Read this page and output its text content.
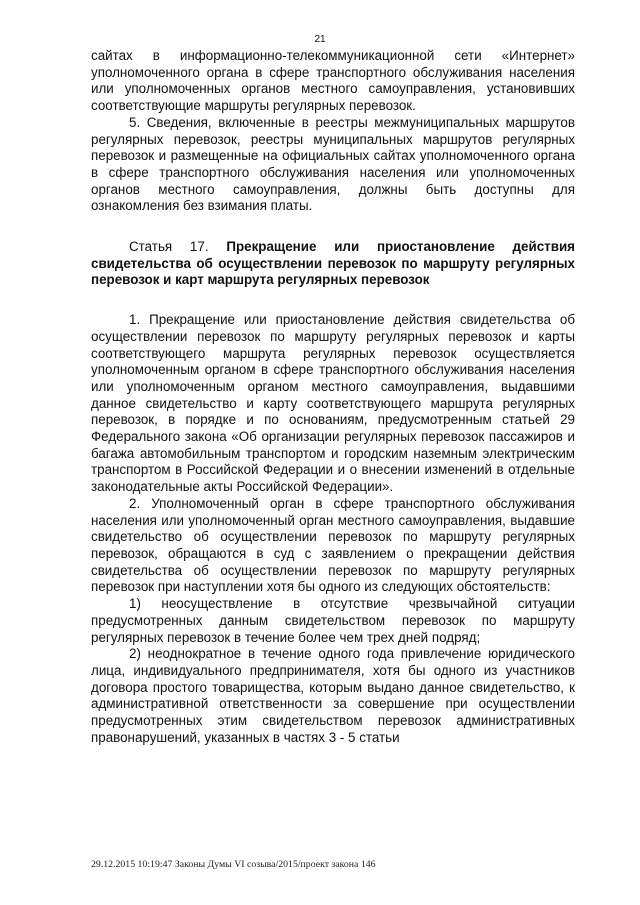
21

сайтах в информационно-телекоммуникационной сети «Интернет» уполномоченного органа в сфере транспортного обслуживания населения или уполномоченных органов местного самоуправления, установивших соответствующие маршруты регулярных перевозок.

5. Сведения, включенные в реестры межмуниципальных маршрутов регулярных перевозок, реестры муниципальных маршрутов регулярных перевозок и размещенные на официальных сайтах уполномоченного органа в сфере транспортного обслуживания населения или уполномоченных органов местного самоуправления, должны быть доступны для ознакомления без взимания платы.

Статья 17. Прекращение или приостановление действия свидетельства об осуществлении перевозок по маршруту регулярных перевозок и карт маршрута регулярных перевозок

1. Прекращение или приостановление действия свидетельства об осуществлении перевозок по маршруту регулярных перевозок и карты соответствующего маршрута регулярных перевозок осуществляется уполномоченным органом в сфере транспортного обслуживания населения или уполномоченным органом местного самоуправления, выдавшими данное свидетельство и карту соответствующего маршрута регулярных перевозок, в порядке и по основаниям, предусмотренным статьей 29 Федерального закона «Об организации регулярных перевозок пассажиров и багажа автомобильным транспортом и городским наземным электрическим транспортом в Российской Федерации и о внесении изменений в отдельные законодательные акты Российской Федерации».

2. Уполномоченный орган в сфере транспортного обслуживания населения или уполномоченный орган местного самоуправления, выдавшие свидетельство об осуществлении перевозок по маршруту регулярных перевозок, обращаются в суд с заявлением о прекращении действия свидетельства об осуществлении перевозок по маршруту регулярных перевозок при наступлении хотя бы одного из следующих обстоятельств:

1) неосуществление в отсутствие чрезвычайной ситуации предусмотренных данным свидетельством перевозок по маршруту регулярных перевозок в течение более чем трех дней подряд;

2) неоднократное в течение одного года привлечение юридического лица, индивидуального предпринимателя, хотя бы одного из участников договора простого товарищества, которым выдано данное свидетельство, к административной ответственности за совершение при осуществлении предусмотренных этим свидетельством перевозок административных правонарушений, указанных в частях 3 - 5 статьи

29.12.2015 10:19:47 Законы Думы VI созыва/2015/проект закона 146
